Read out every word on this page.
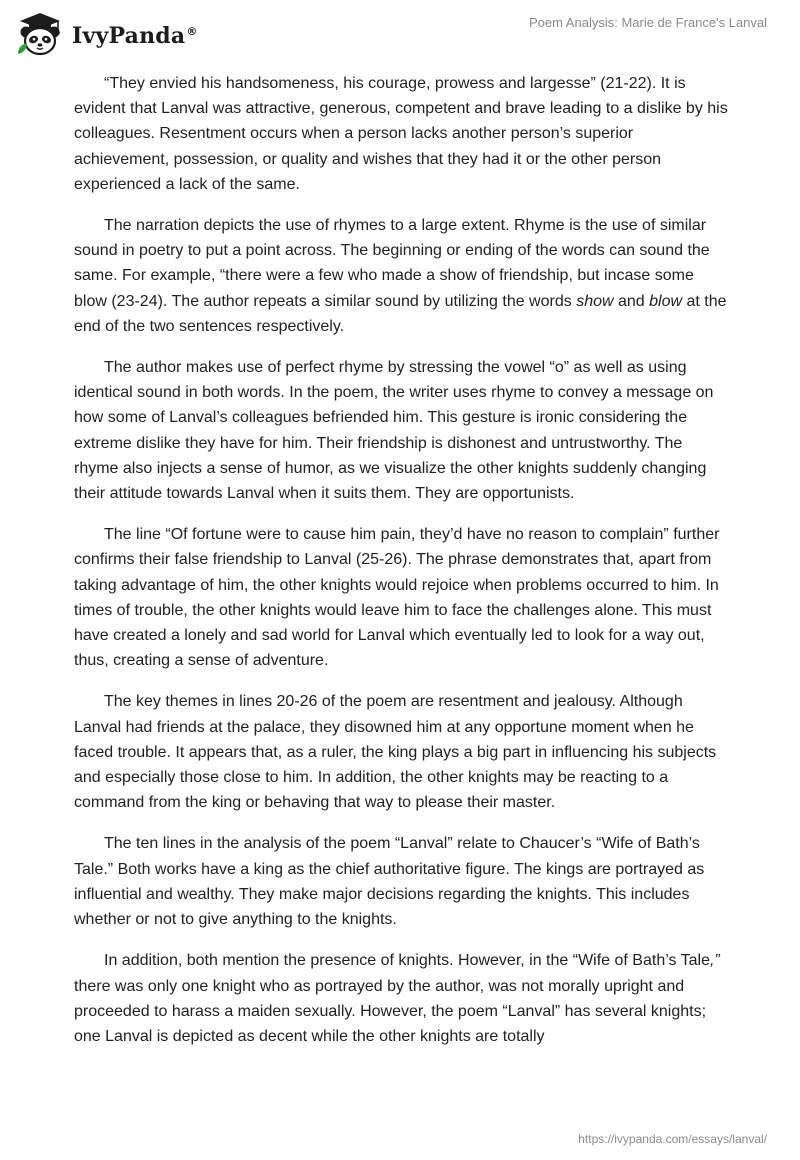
IvyPanda®
Poem Analysis: Marie de France's Lanval

“They envied his handsomeness, his courage, prowess and largesse” (21-22). It is evident that Lanval was attractive, generous, competent and brave leading to a dislike by his colleagues. Resentment occurs when a person lacks another person’s superior achievement, possession, or quality and wishes that they had it or the other person experienced a lack of the same.

The narration depicts the use of rhymes to a large extent. Rhyme is the use of similar sound in poetry to put a point across. The beginning or ending of the words can sound the same. For example, “there were a few who made a show of friendship, but incase some blow (23-24). The author repeats a similar sound by utilizing the words show and blow at the end of the two sentences respectively.

The author makes use of perfect rhyme by stressing the vowel “o” as well as using identical sound in both words. In the poem, the writer uses rhyme to convey a message on how some of Lanval’s colleagues befriended him. This gesture is ironic considering the extreme dislike they have for him. Their friendship is dishonest and untrustworthy. The rhyme also injects a sense of humor, as we visualize the other knights suddenly changing their attitude towards Lanval when it suits them. They are opportunists.

The line “Of fortune were to cause him pain, they’d have no reason to complain” further confirms their false friendship to Lanval (25-26). The phrase demonstrates that, apart from taking advantage of him, the other knights would rejoice when problems occurred to him. In times of trouble, the other knights would leave him to face the challenges alone. This must have created a lonely and sad world for Lanval which eventually led to look for a way out, thus, creating a sense of adventure.

The key themes in lines 20-26 of the poem are resentment and jealousy. Although Lanval had friends at the palace, they disowned him at any opportune moment when he faced trouble. It appears that, as a ruler, the king plays a big part in influencing his subjects and especially those close to him. In addition, the other knights may be reacting to a command from the king or behaving that way to please their master.

The ten lines in the analysis of the poem “Lanval” relate to Chaucer’s “Wife of Bath’s Tale.” Both works have a king as the chief authoritative figure. The kings are portrayed as influential and wealthy. They make major decisions regarding the knights. This includes whether or not to give anything to the knights.

In addition, both mention the presence of knights. However, in the “Wife of Bath’s Tale,” there was only one knight who as portrayed by the author, was not morally upright and proceeded to harass a maiden sexually. However, the poem “Lanval” has several knights; one Lanval is depicted as decent while the other knights are totally

https://ivypanda.com/essays/lanval/
